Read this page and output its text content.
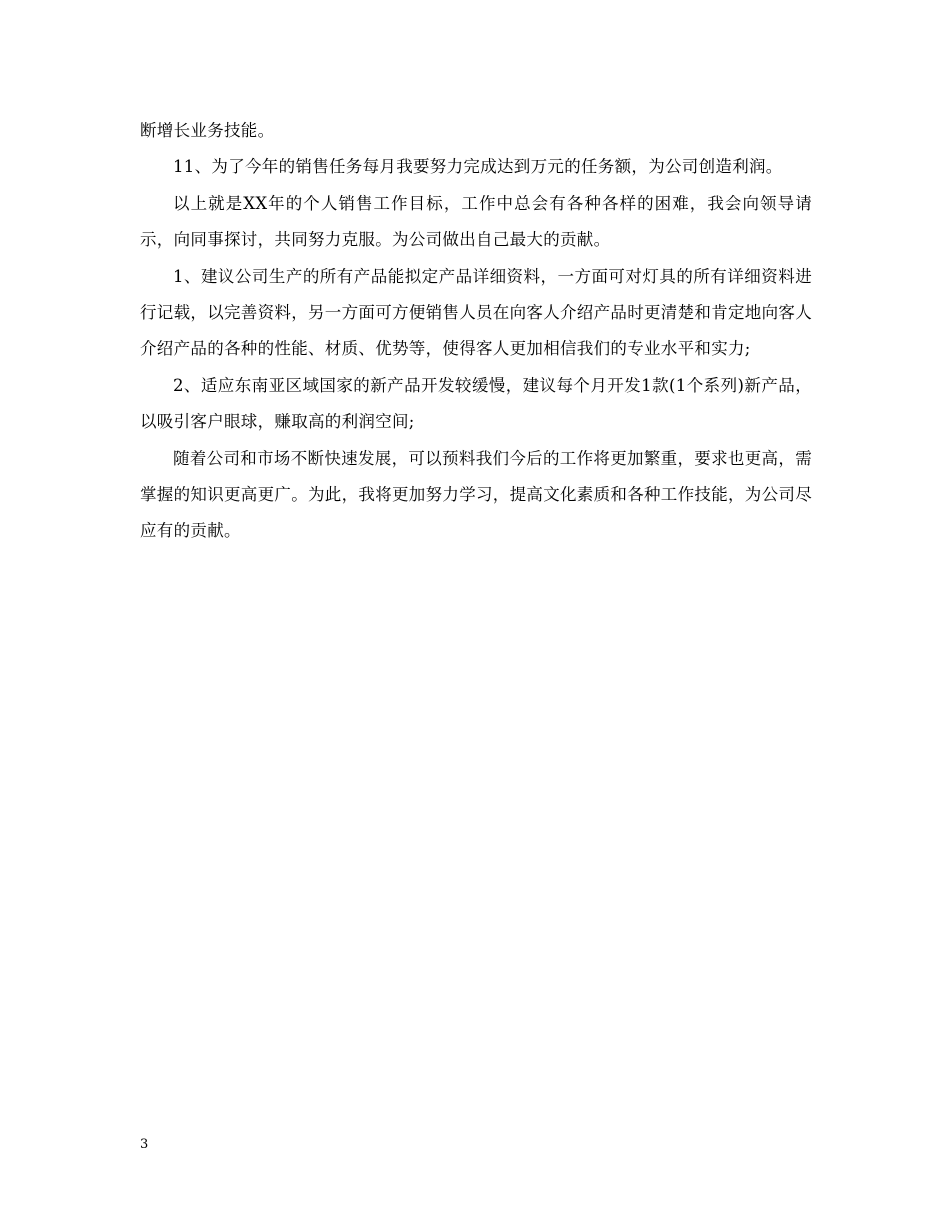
断增长业务技能。

11、为了今年的销售任务每月我要努力完成达到万元的任务额，为公司创造利润。

以上就是XX年的个人销售工作目标，工作中总会有各种各样的困难，我会向领导请示，向同事探讨，共同努力克服。为公司做出自己最大的贡献。

1、建议公司生产的所有产品能拟定产品详细资料，一方面可对灯具的所有详细资料进行记载，以完善资料，另一方面可方便销售人员在向客人介绍产品时更清楚和肯定地向客人介绍产品的各种的性能、材质、优势等，使得客人更加相信我们的专业水平和实力;

2、适应东南亚区域国家的新产品开发较缓慢，建议每个月开发1款(1个系列)新产品，以吸引客户眼球，赚取高的利润空间;

随着公司和市场不断快速发展，可以预料我们今后的工作将更加繁重，要求也更高，需掌握的知识更高更广。为此，我将更加努力学习，提高文化素质和各种工作技能，为公司尽应有的贡献。

3
